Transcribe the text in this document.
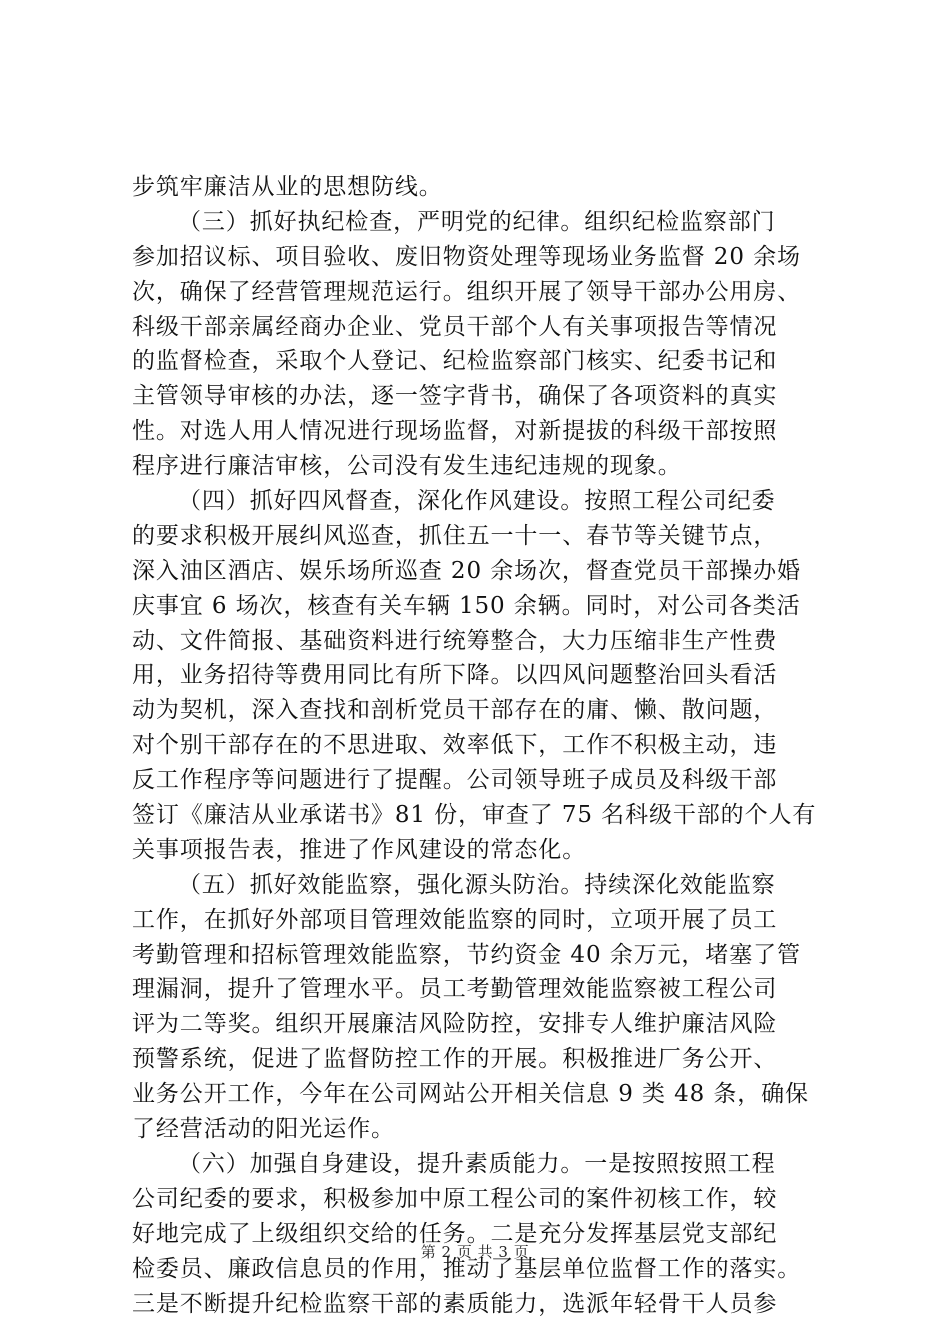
步筑牢廉洁从业的思想防线。
（三）抓好执纪检查，严明党的纪律。组织纪检监察部门
参加招议标、项目验收、废旧物资处理等现场业务监督 20 余场
次，确保了经营管理规范运行。组织开展了领导干部办公用房、
科级干部亲属经商办企业、党员干部个人有关事项报告等情况
的监督检查，采取个人登记、纪检监察部门核实、纪委书记和
主管领导审核的办法，逐一签字背书，确保了各项资料的真实
性。对选人用人情况进行现场监督，对新提拔的科级干部按照
程序进行廉洁审核，公司没有发生违纪违规的现象。
（四）抓好四风督查，深化作风建设。按照工程公司纪委
的要求积极开展纠风巡查，抓住五一十一、春节等关键节点，
深入油区酒店、娱乐场所巡查 20 余场次，督查党员干部操办婚
庆事宜 6 场次，核查有关车辆 150 余辆。同时，对公司各类活
动、文件简报、基础资料进行统筹整合，大力压缩非生产性费
用，业务招待等费用同比有所下降。以四风问题整治回头看活
动为契机，深入查找和剖析党员干部存在的庸、懒、散问题，
对个别干部存在的不思进取、效率低下，工作不积极主动，违
反工作程序等问题进行了提醒。公司领导班子成员及科级干部
签订《廉洁从业承诺书》81 份，审查了 75 名科级干部的个人有
关事项报告表，推进了作风建设的常态化。
（五）抓好效能监察，强化源头防治。持续深化效能监察
工作，在抓好外部项目管理效能监察的同时，立项开展了员工
考勤管理和招标管理效能监察，节约资金 40 余万元，堵塞了管
理漏洞，提升了管理水平。员工考勤管理效能监察被工程公司
评为二等奖。组织开展廉洁风险防控，安排专人维护廉洁风险
预警系统，促进了监督防控工作的开展。积极推进厂务公开、
业务公开工作，今年在公司网站公开相关信息 9 类 48 条，确保
了经营活动的阳光运作。
（六）加强自身建设，提升素质能力。一是按照按照工程
公司纪委的要求，积极参加中原工程公司的案件初核工作，较
好地完成了上级组织交给的任务。二是充分发挥基层党支部纪
检委员、廉政信息员的作用，推动了基层单位监督工作的落实。
三是不断提升纪检监察干部的素质能力，选派年轻骨干人员参
第 2 页 共 3 页
